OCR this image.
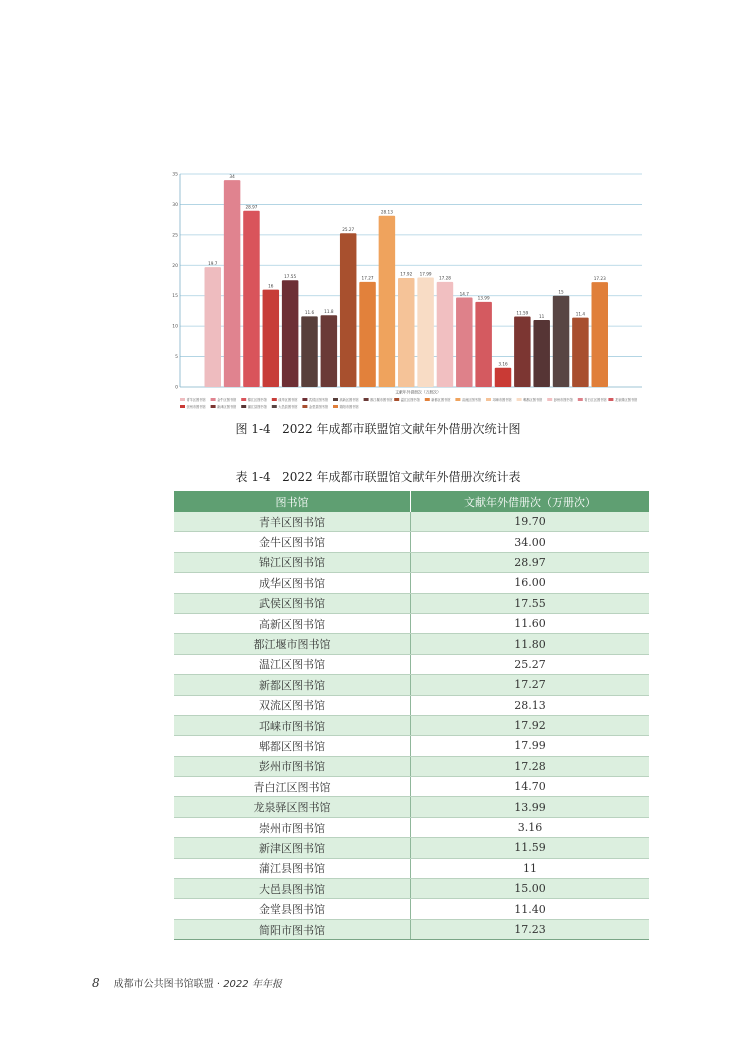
0
5
10
15
20
25
30
35
19.7
34
28.97
16
17.55
11.6 11.8
25.27
17.27
28.13
17.92 17.99
17.28
14.7
13.99
3.16
11.59
11
15
11.4
17.23
文献年外借册次（万册次）
青羊区图书馆	金牛区图书馆	锦江区图书馆	成华区图书馆	武侯区图书馆	高新区图书馆	都江堰市图书馆	温江区图书馆	新都区图书馆	双流区图书馆	邛崃市图书馆	郫都区图书馆	彭州市图书馆	青白江区图书馆	龙泉驿区图书馆
崇州市图书馆	新津区图书馆	蒲江县图书馆	大邑县图书馆	金堂县图书馆	简阳市图书馆
图 1-4 2022 年成都市联盟馆文献年外借册次统计图
表 1-4 2022 年成都市联盟馆文献年外借册次统计表
图书馆	文献年外借册次（万册次）
青羊区图书馆	19.70
金牛区图书馆	34.00
锦江区图书馆	28.97
成华区图书馆	16.00
武侯区图书馆	17.55
高新区图书馆	11.60
都江堰市图书馆	11.80
温江区图书馆	25.27
新都区图书馆	17.27
双流区图书馆	28.13
邛崃市图书馆	17.92
郫都区图书馆	17.99
彭州市图书馆	17.28
青白江区图书馆	14.70
龙泉驿区图书馆	13.99
崇州市图书馆	3.16
新津区图书馆	11.59
蒲江县图书馆	11
大邑县图书馆	15.00
金堂县图书馆	11.40
简阳市图书馆	17.23
8 成都市公共图书馆联盟 · 2022 年年报
